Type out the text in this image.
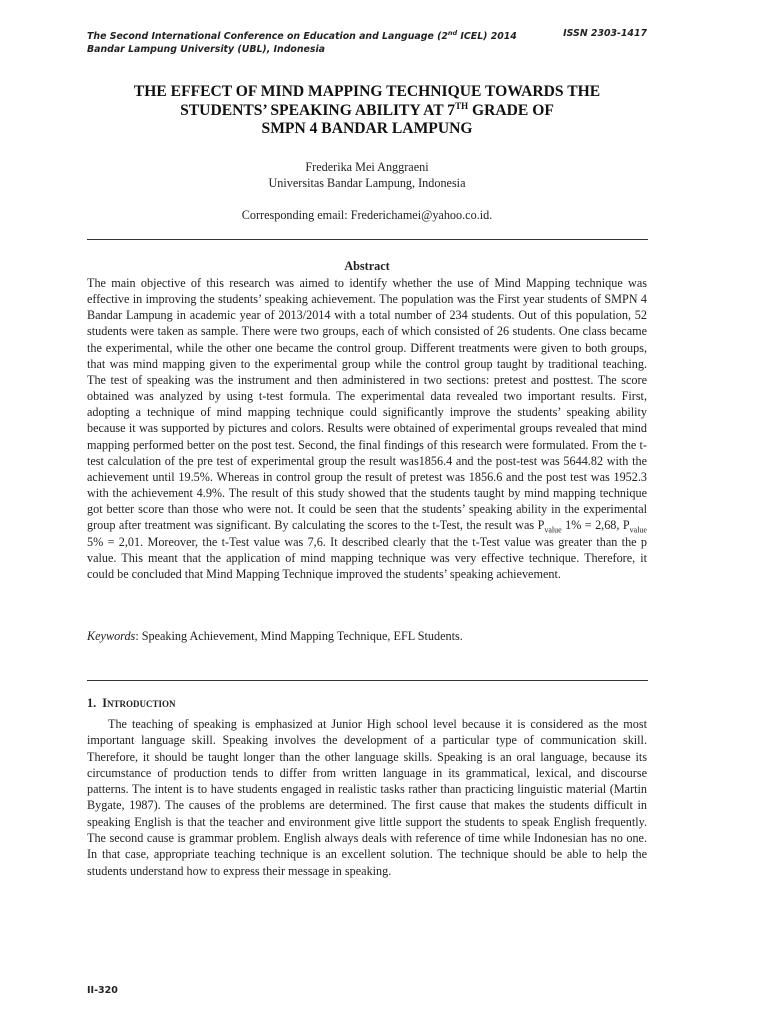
The Second International Conference on Education and Language (2nd ICEL) 2014
Bandar Lampung University (UBL), Indonesia
ISSN 2303-1417
THE EFFECT OF MIND MAPPING TECHNIQUE TOWARDS THE
STUDENTS’ SPEAKING ABILITY AT 7TH GRADE OF
SMPN 4 BANDAR LAMPUNG
Frederika Mei Anggraeni
Universitas Bandar Lampung, Indonesia
Corresponding email: Frederichamei@yahoo.co.id.
Abstract

The main objective of this research was aimed to identify whether the use of Mind Mapping technique was effective in improving the students’ speaking achievement. The population was the First year students of SMPN 4 Bandar Lampung in academic year of 2013/2014 with a total number of 234 students. Out of this population, 52 students were taken as sample. There were two groups, each of which consisted of 26 students. One class became the experimental, while the other one became the control group. Different treatments were given to both groups, that was mind mapping given to the experimental group while the control group taught by traditional teaching. The test of speaking was the instrument and then administered in two sections: pretest and posttest. The score obtained was analyzed by using t-test formula. The experimental data revealed two important results. First, adopting a technique of mind mapping technique could significantly improve the students’ speaking ability because it was supported by pictures and colors. Results were obtained of experimental groups revealed that mind mapping performed better on the post test. Second, the final findings of this research were formulated. From the t-test calculation of the pre test of experimental group the result was1856.4 and the post-test was 5644.82 with the achievement until 19.5%. Whereas in control group the result of pretest was 1856.6 and the post test was 1952.3 with the achievement 4.9%. The result of this study showed that the students taught by mind mapping technique got better score than those who were not. It could be seen that the students’ speaking ability in the experimental group after treatment was significant. By calculating the scores to the t-Test, the result was $P_{value}$ 1% = 2,68, $P_{value}$ 5% = 2,01. Moreover, the t-Test value was 7,6. It described clearly that the t-Test value was greater than the p value. This meant that the application of mind mapping technique was very effective technique. Therefore, it could be concluded that Mind Mapping Technique improved the students’ speaking achievement.

Keywords: Speaking Achievement, Mind Mapping Technique, EFL Students.
1. Introduction

The teaching of speaking is emphasized at Junior High school level because it is considered as the most important language skill. Speaking involves the development of a particular type of communication skill. Therefore, it should be taught longer than the other language skills. Speaking is an oral language, because its circumstance of production tends to differ from written language in its grammatical, lexical, and discourse patterns. The intent is to have students engaged in realistic tasks rather than practicing linguistic material (Martin Bygate, 1987). The causes of the problems are determined. The first cause that makes the students difficult in speaking English is that the teacher and environment give little support the students to speak English frequently. The second cause is grammar problem. English always deals with reference of time while Indonesian has no one. In that case, appropriate teaching technique is an excellent solution. The technique should be able to help the students understand how to express their message in speaking.

II-320
